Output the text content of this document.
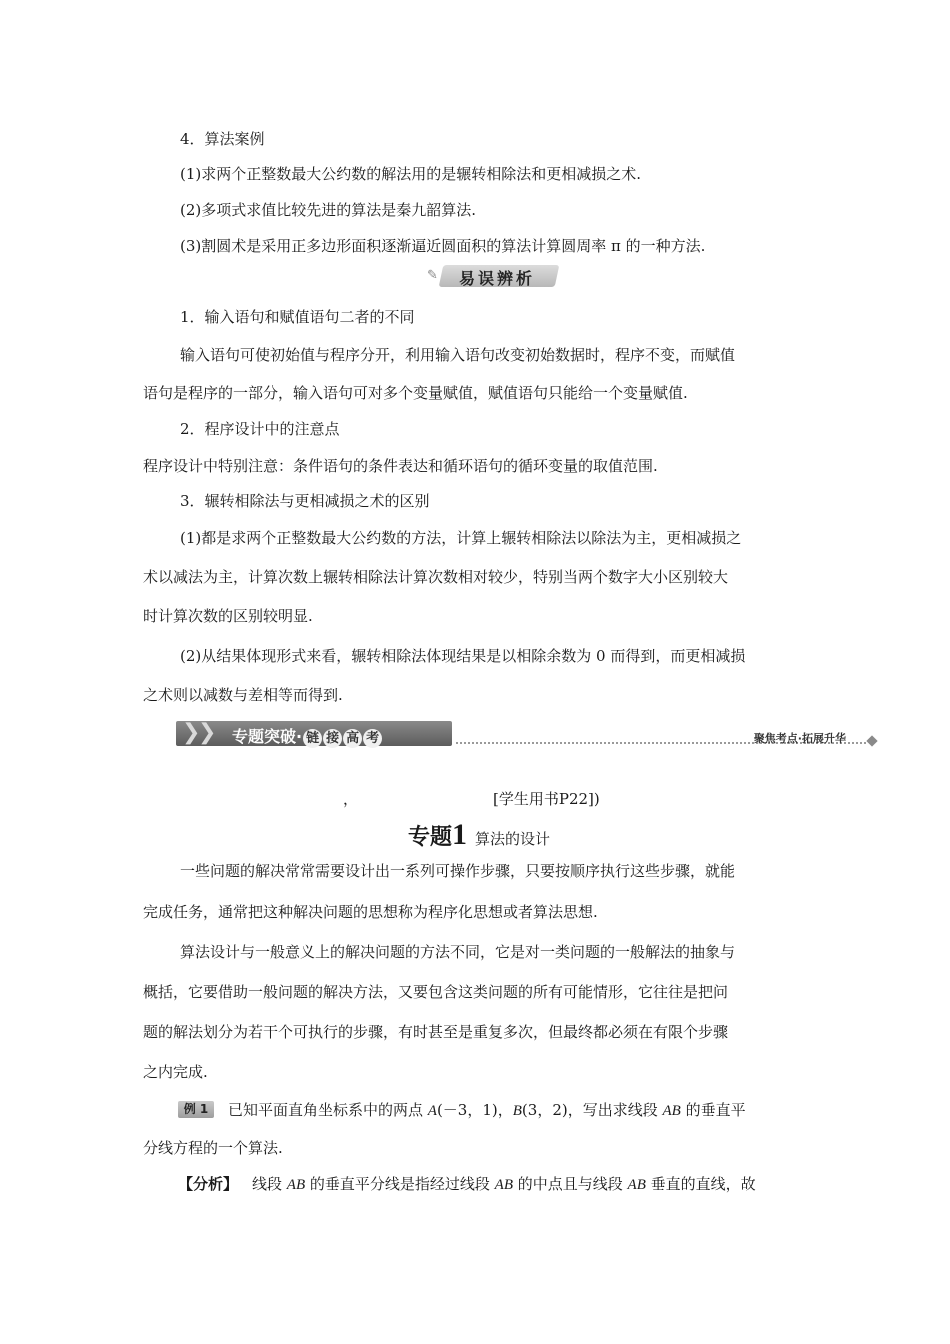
4．算法案例
(1)求两个正整数最大公约数的解法用的是辗转相除法和更相减损之术.
(2)多项式求值比较先进的算法是秦九韶算法.
(3)割圆术是采用正多边形面积逐渐逼近圆面积的算法计算圆周率 π 的一种方法.
✎	易误辨析
1．输入语句和赋值语句二者的不同
输入语句可使初始值与程序分开，利用输入语句改变初始数据时，程序不变，而赋值
语句是程序的一部分，输入语句可对多个变量赋值，赋值语句只能给一个变量赋值.
2．程序设计中的注意点
程序设计中特别注意：条件语句的条件表达和循环语句的循环变量的取值范围.
3．辗转相除法与更相减损之术的区别
(1)都是求两个正整数最大公约数的方法，计算上辗转相除法以除法为主，更相减损之
术以减法为主，计算次数上辗转相除法计算次数相对较少，特别当两个数字大小区别较大
时计算次数的区别较明显.
(2)从结果体现形式来看，辗转相除法体现结果是以相除余数为 0 而得到，而更相减损
之术则以减数与差相等而得到.
❯
❯ 专题突破· 链 接 高 考	聚焦考点·拓展升华
，	[学生用书P22])
专题1 算法的设计
一些问题的解决常常需要设计出一系列可操作步骤，只要按顺序执行这些步骤，就能
完成任务，通常把这种解决问题的思想称为程序化思想或者算法思想.
算法设计与一般意义上的解决问题的方法不同，它是对一类问题的一般解法的抽象与
概括，它要借助一般问题的解决方法，又要包含这类问题的所有可能情形，它往往是把问
题的解法划分为若干个可执行的步骤，有时甚至是重复多次，但最终都必须在有限个步骤
之内完成.
例 1 已知平面直角坐标系中的两点 A(－3，1)，B(3，2)，写出求线段 AB 的垂直平
分线方程的一个算法.
【分析】 线段 AB 的垂直平分线是指经过线段 AB 的中点且与线段 AB 垂直的直线，故
